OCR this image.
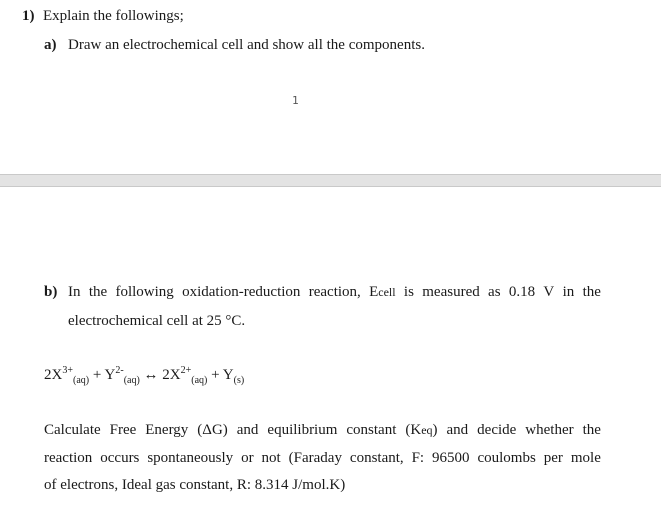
1) Explain the followings;
a) Draw an electrochemical cell and show all the components.
1
b) In the following oxidation-reduction reaction, Ecell is measured as 0.18 V in the
electrochemical cell at 25 °C.
$2X^{3+}_{(aq)} + Y^{2-}_{(aq)}$ ↔ $2X^{2+}_{(aq)} + Y_{(s)}$
Calculate Free Energy (ΔG) and equilibrium constant (Keq) and decide whether the
reaction occurs spontaneously or not (Faraday constant, F: 96500 coulombs per mole
of electrons, Ideal gas constant, R: 8.314 J/mol.K)
